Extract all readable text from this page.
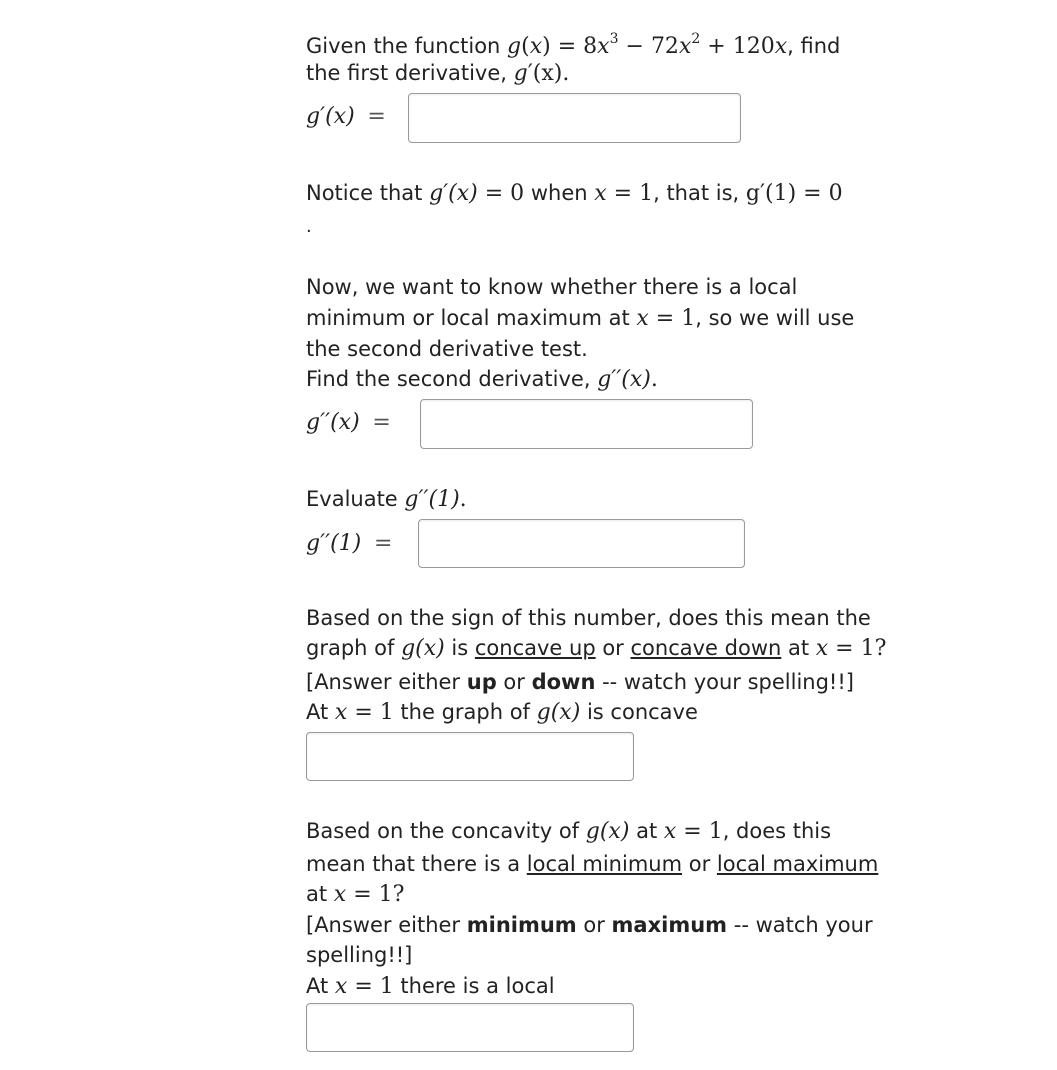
Given the function $g(x) = 8x^3 - 72x^2 + 120x$, find
the first derivative, g′(x).
g′(x) =
Notice that g′(x) = 0 when x = 1, that is, g′(1) = 0
.
Now, we want to know whether there is a local
minimum or local maximum at x = 1, so we will use
the second derivative test.
Find the second derivative, g′′(x).
g′′(x) =
Evaluate g′′(1).
g′′(1) =
Based on the sign of this number, does this mean the
graph of g(x) is concave up or concave down at x = 1?
[Answer either up or down -- watch your spelling!!]
At x = 1 the graph of g(x) is concave
Based on the concavity of g(x) at x = 1, does this
mean that there is a local minimum or local maximum
at x = 1?
[Answer either minimum or maximum -- watch your
spelling!!]
At x = 1 there is a local
